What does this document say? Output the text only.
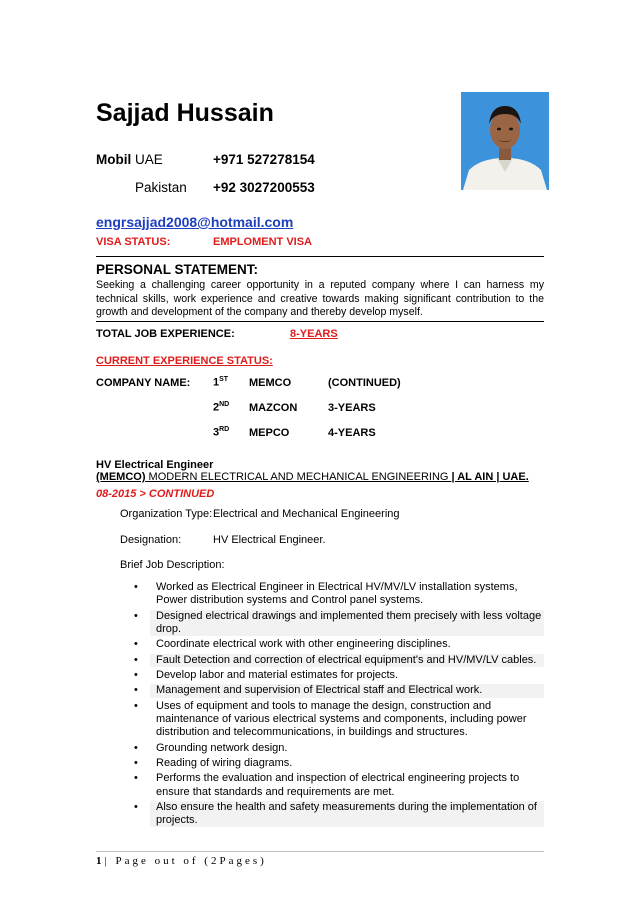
Sajjad Hussain
Mobil UAE	+971 527278154
Pakistan +92 3027200553
engrsajjad2008@hotmail.com
VISA STATUS:	EMPLOMENT VISA
PERSONAL STATEMENT:
Seeking a challenging career opportunity in a reputed company where I can harness my technical skills, work experience and creative towards making significant contribution to the growth and development of the company and thereby develop myself.
TOTAL JOB EXPERIENCE:	8-YEARS
CURRENT EXPERIENCE STATUS:
COMPANY NAME: 1ST MEMCO	(CONTINUED)
2ND MAZCON	3-YEARS
3RD MEPCO	4-YEARS
HV Electrical Engineer
(MEMCO) MODERN ELECTRICAL AND MECHANICAL ENGINEERING | AL AIN | UAE.
08-2015 > CONTINUED
Organization Type: Electrical and Mechanical Engineering
Designation:	HV Electrical Engineer.
Brief Job Description:
• Worked as Electrical Engineer in Electrical HV/MV/LV installation systems, Power distribution systems and Control panel systems.
• Designed electrical drawings and implemented them precisely with less voltage drop.
• Coordinate electrical work with other engineering disciplines.
• Fault Detection and correction of electrical equipment's and HV/MV/LV cables.
• Develop labor and material estimates for projects.
• Management and supervision of Electrical staff and Electrical work.
• Uses of equipment and tools to manage the design, construction and maintenance of various electrical systems and components, including power distribution and telecommunications, in buildings and structures.
• Grounding network design.
• Reading of wiring diagrams.
• Performs the evaluation and inspection of electrical engineering projects to ensure that standards and requirements are met.
• Also ensure the health and safety measurements during the implementation of projects.
1| Page out of (2Pages)
